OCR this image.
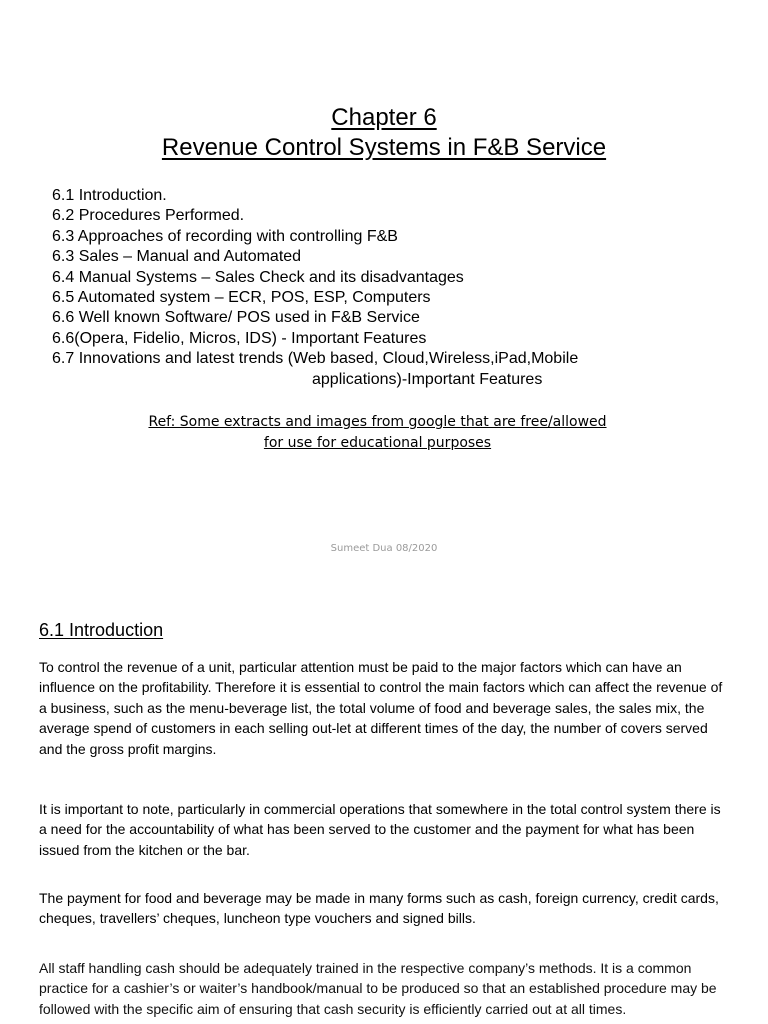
Chapter 6
Revenue Control Systems in F&B Service
6.1 Introduction.
6.2 Procedures Performed.
6.3 Approaches of recording with controlling F&B
6.3 Sales – Manual and Automated
6.4 Manual Systems – Sales Check and its disadvantages
6.5 Automated system – ECR, POS, ESP, Computers
6.6 Well known Software/ POS used in F&B Service
6.6(Opera, Fidelio, Micros, IDS) - Important Features
6.7 Innovations and latest trends (Web based, Cloud,Wireless,iPad,Mobile
applications)-Important Features
Ref: Some extracts and images from google that are free/allowed
for use for educational purposes
Sumeet Dua 08/2020
6.1 Introduction

To control the revenue of a unit, particular attention must be paid to the major factors which can have an influence on the profitability. Therefore it is essential to control the main factors which can affect the revenue of a business, such as the menu-beverage list, the total volume of food and beverage sales, the sales mix, the average spend of customers in each selling out-let at different times of the day, the number of covers served and the gross profit margins.

It is important to note, particularly in commercial operations that somewhere in the total control system there is a need for the accountability of what has been served to the customer and the payment for what has been issued from the kitchen or the bar.

The payment for food and beverage may be made in many forms such as cash, foreign currency, credit cards, cheques, travellers’ cheques, luncheon type vouchers and signed bills.

All staff handling cash should be adequately trained in the respective company’s methods. It is a common practice for a cashier’s or waiter’s handbook/manual to be produced so that an established procedure may be followed with the specific aim of ensuring that cash security is efficiently carried out at all times.
